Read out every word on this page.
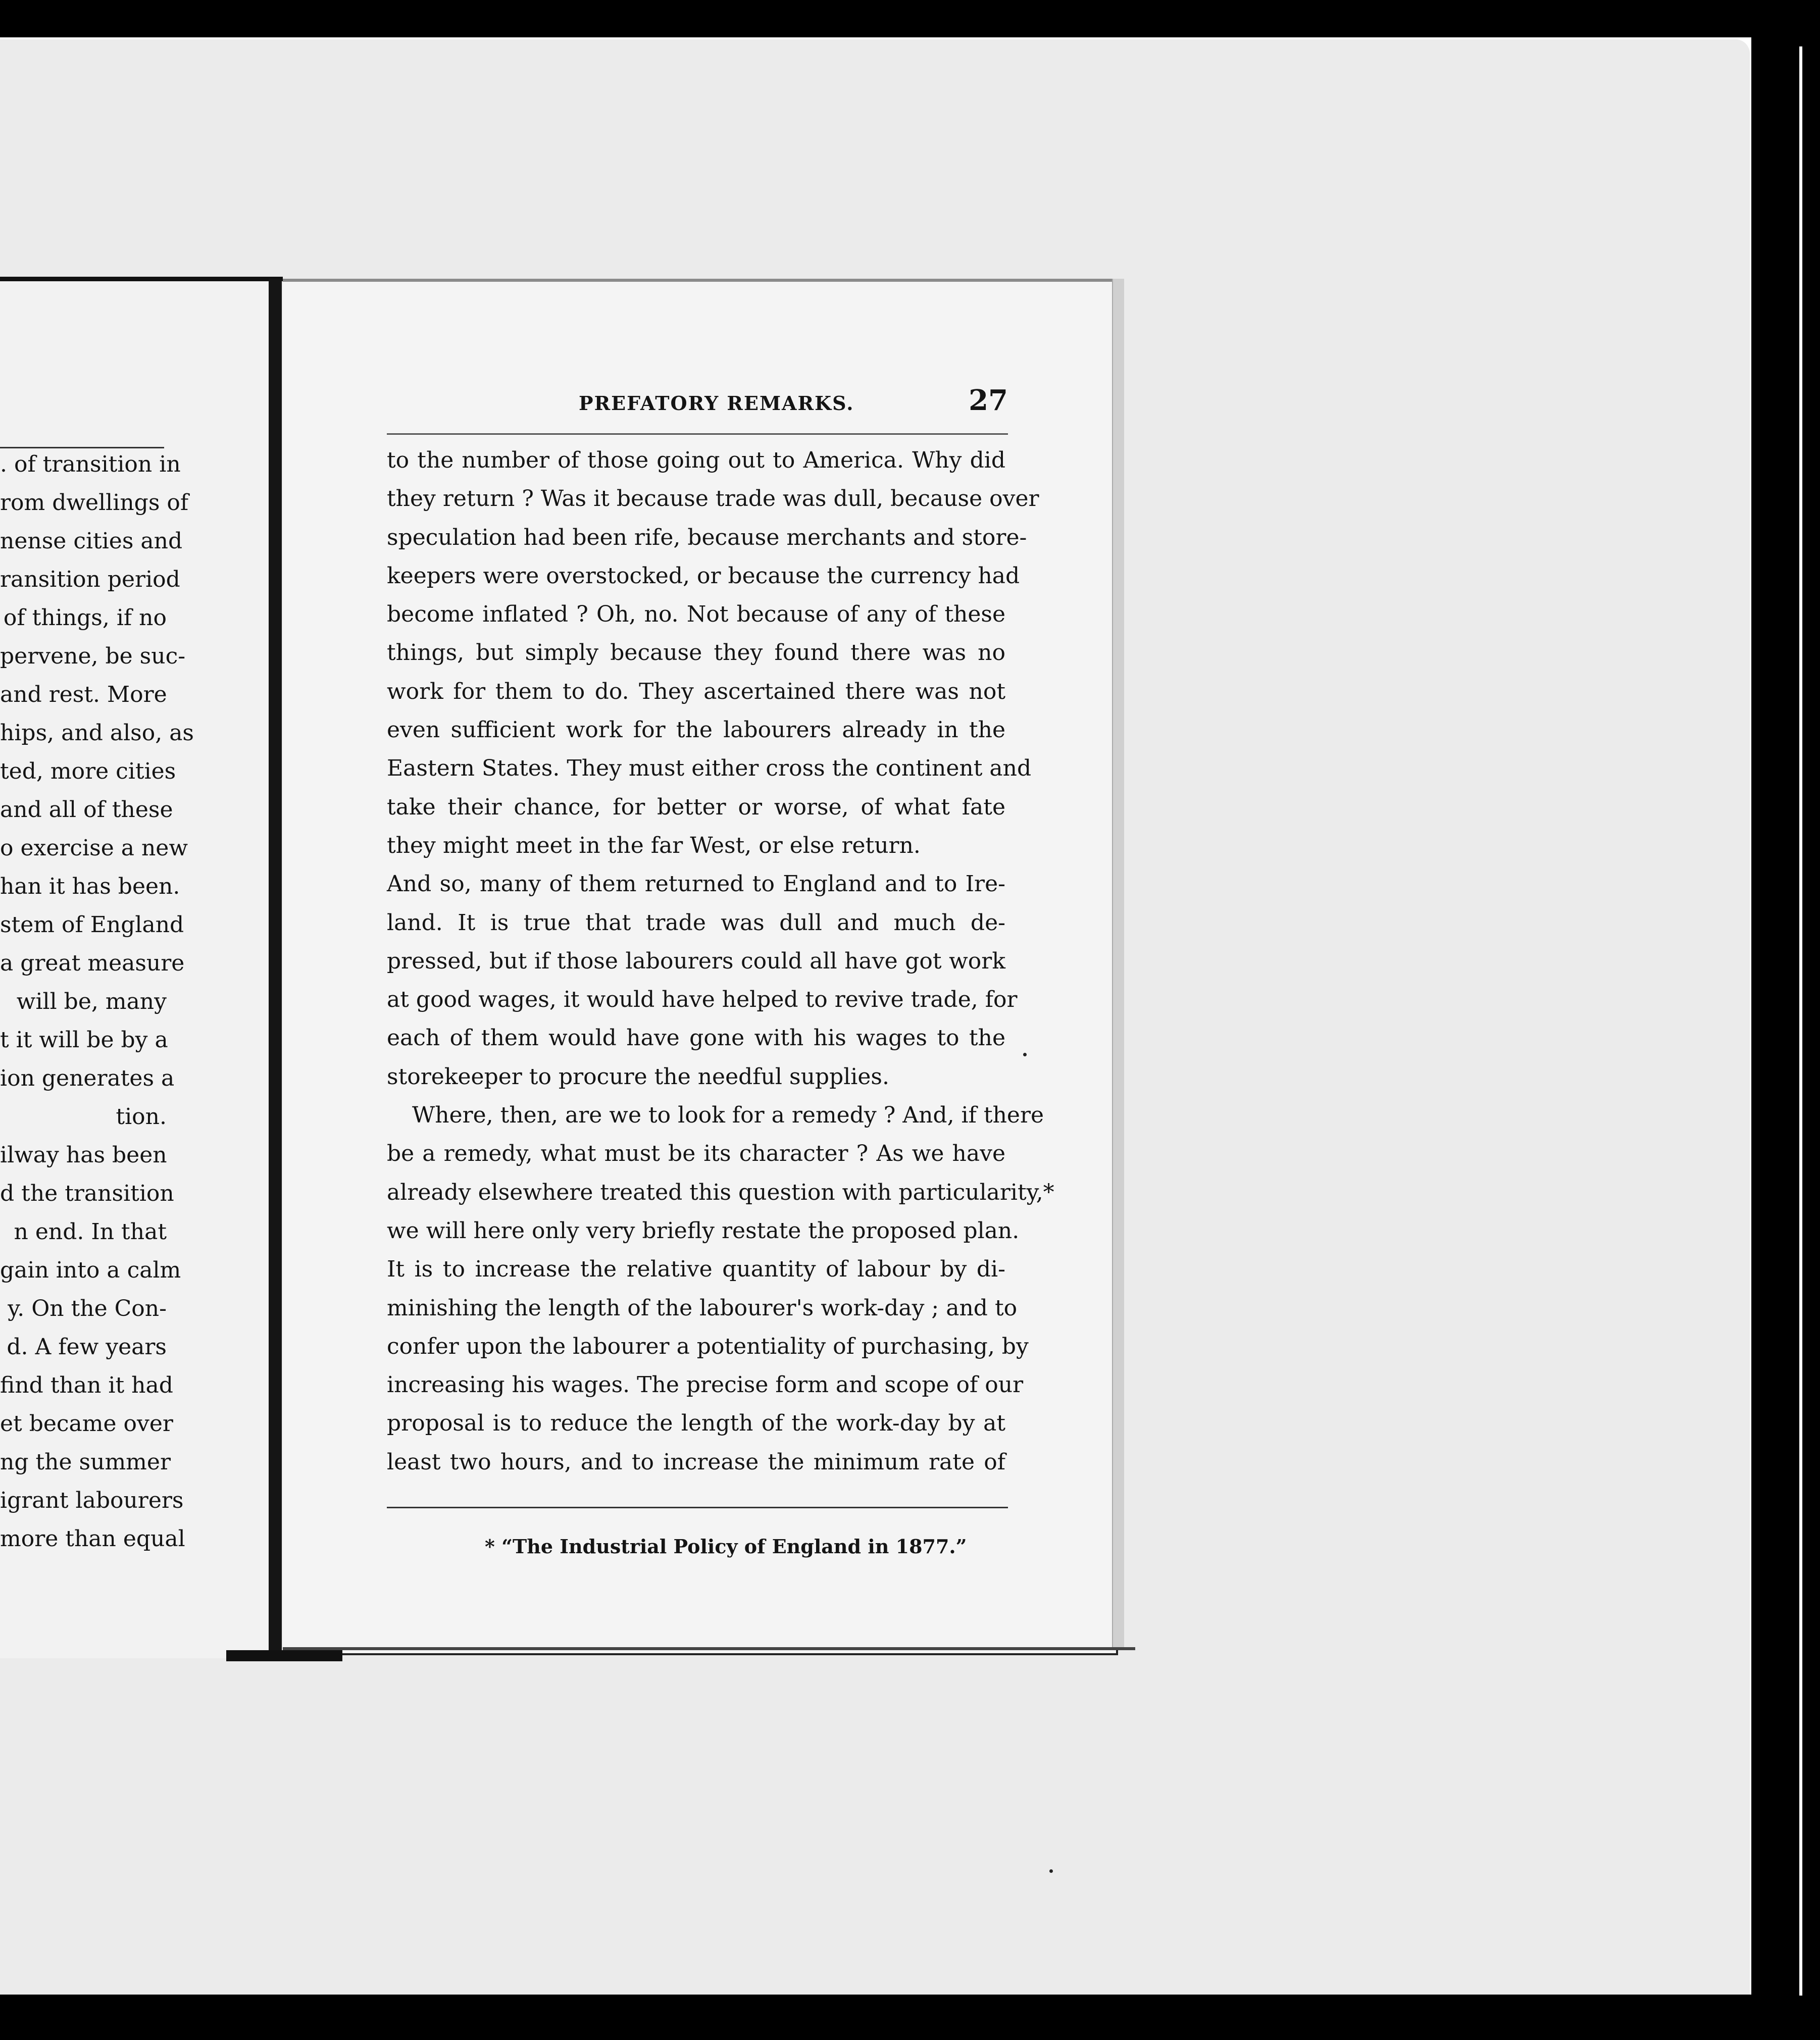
. of transition in
rom dwellings of
nense cities and
ransition period
of things, if no
pervene, be suc-
and rest. More
hips, and also, as
ted, more cities
and all of these
o exercise a new
han it has been.
stem of England
a great measure
will be, many
t it will be by a
ion generates a
tion.
ilway has been
d the transition
n end. In that
gain into a calm
y. On the Con-
d. A few years
find than it had
et became over
ng the summer
igrant labourers
more than equal
PREFATORY REMARKS.	27
to the number of those going out to America. Why did
they return ? Was it because trade was dull, because over
speculation had been rife, because merchants and store-
keepers were overstocked, or because the currency had
become inflated ? Oh, no. Not because of any of these
things, but simply because they found there was no
work for them to do. They ascertained there was not
even sufficient work for the labourers already in the
Eastern States. They must either cross the continent and
take their chance, for better or worse, of what fate
they might meet in the far West, or else return.
And so, many of them returned to England and to Ire-
land. It is true that trade was dull and much de-
pressed, but if those labourers could all have got work
at good wages, it would have helped to revive trade, for
each of them would have gone with his wages to the
storekeeper to procure the needful supplies.
Where, then, are we to look for a remedy ? And, if there
be a remedy, what must be its character ? As we have
already elsewhere treated this question with particularity,*
we will here only very briefly restate the proposed plan.
It is to increase the relative quantity of labour by di-
minishing the length of the labourer's work-day ; and to
confer upon the labourer a potentiality of purchasing, by
increasing his wages. The precise form and scope of our
proposal is to reduce the length of the work-day by at
least two hours, and to increase the minimum rate of
* “The Industrial Policy of England in 1877.”
